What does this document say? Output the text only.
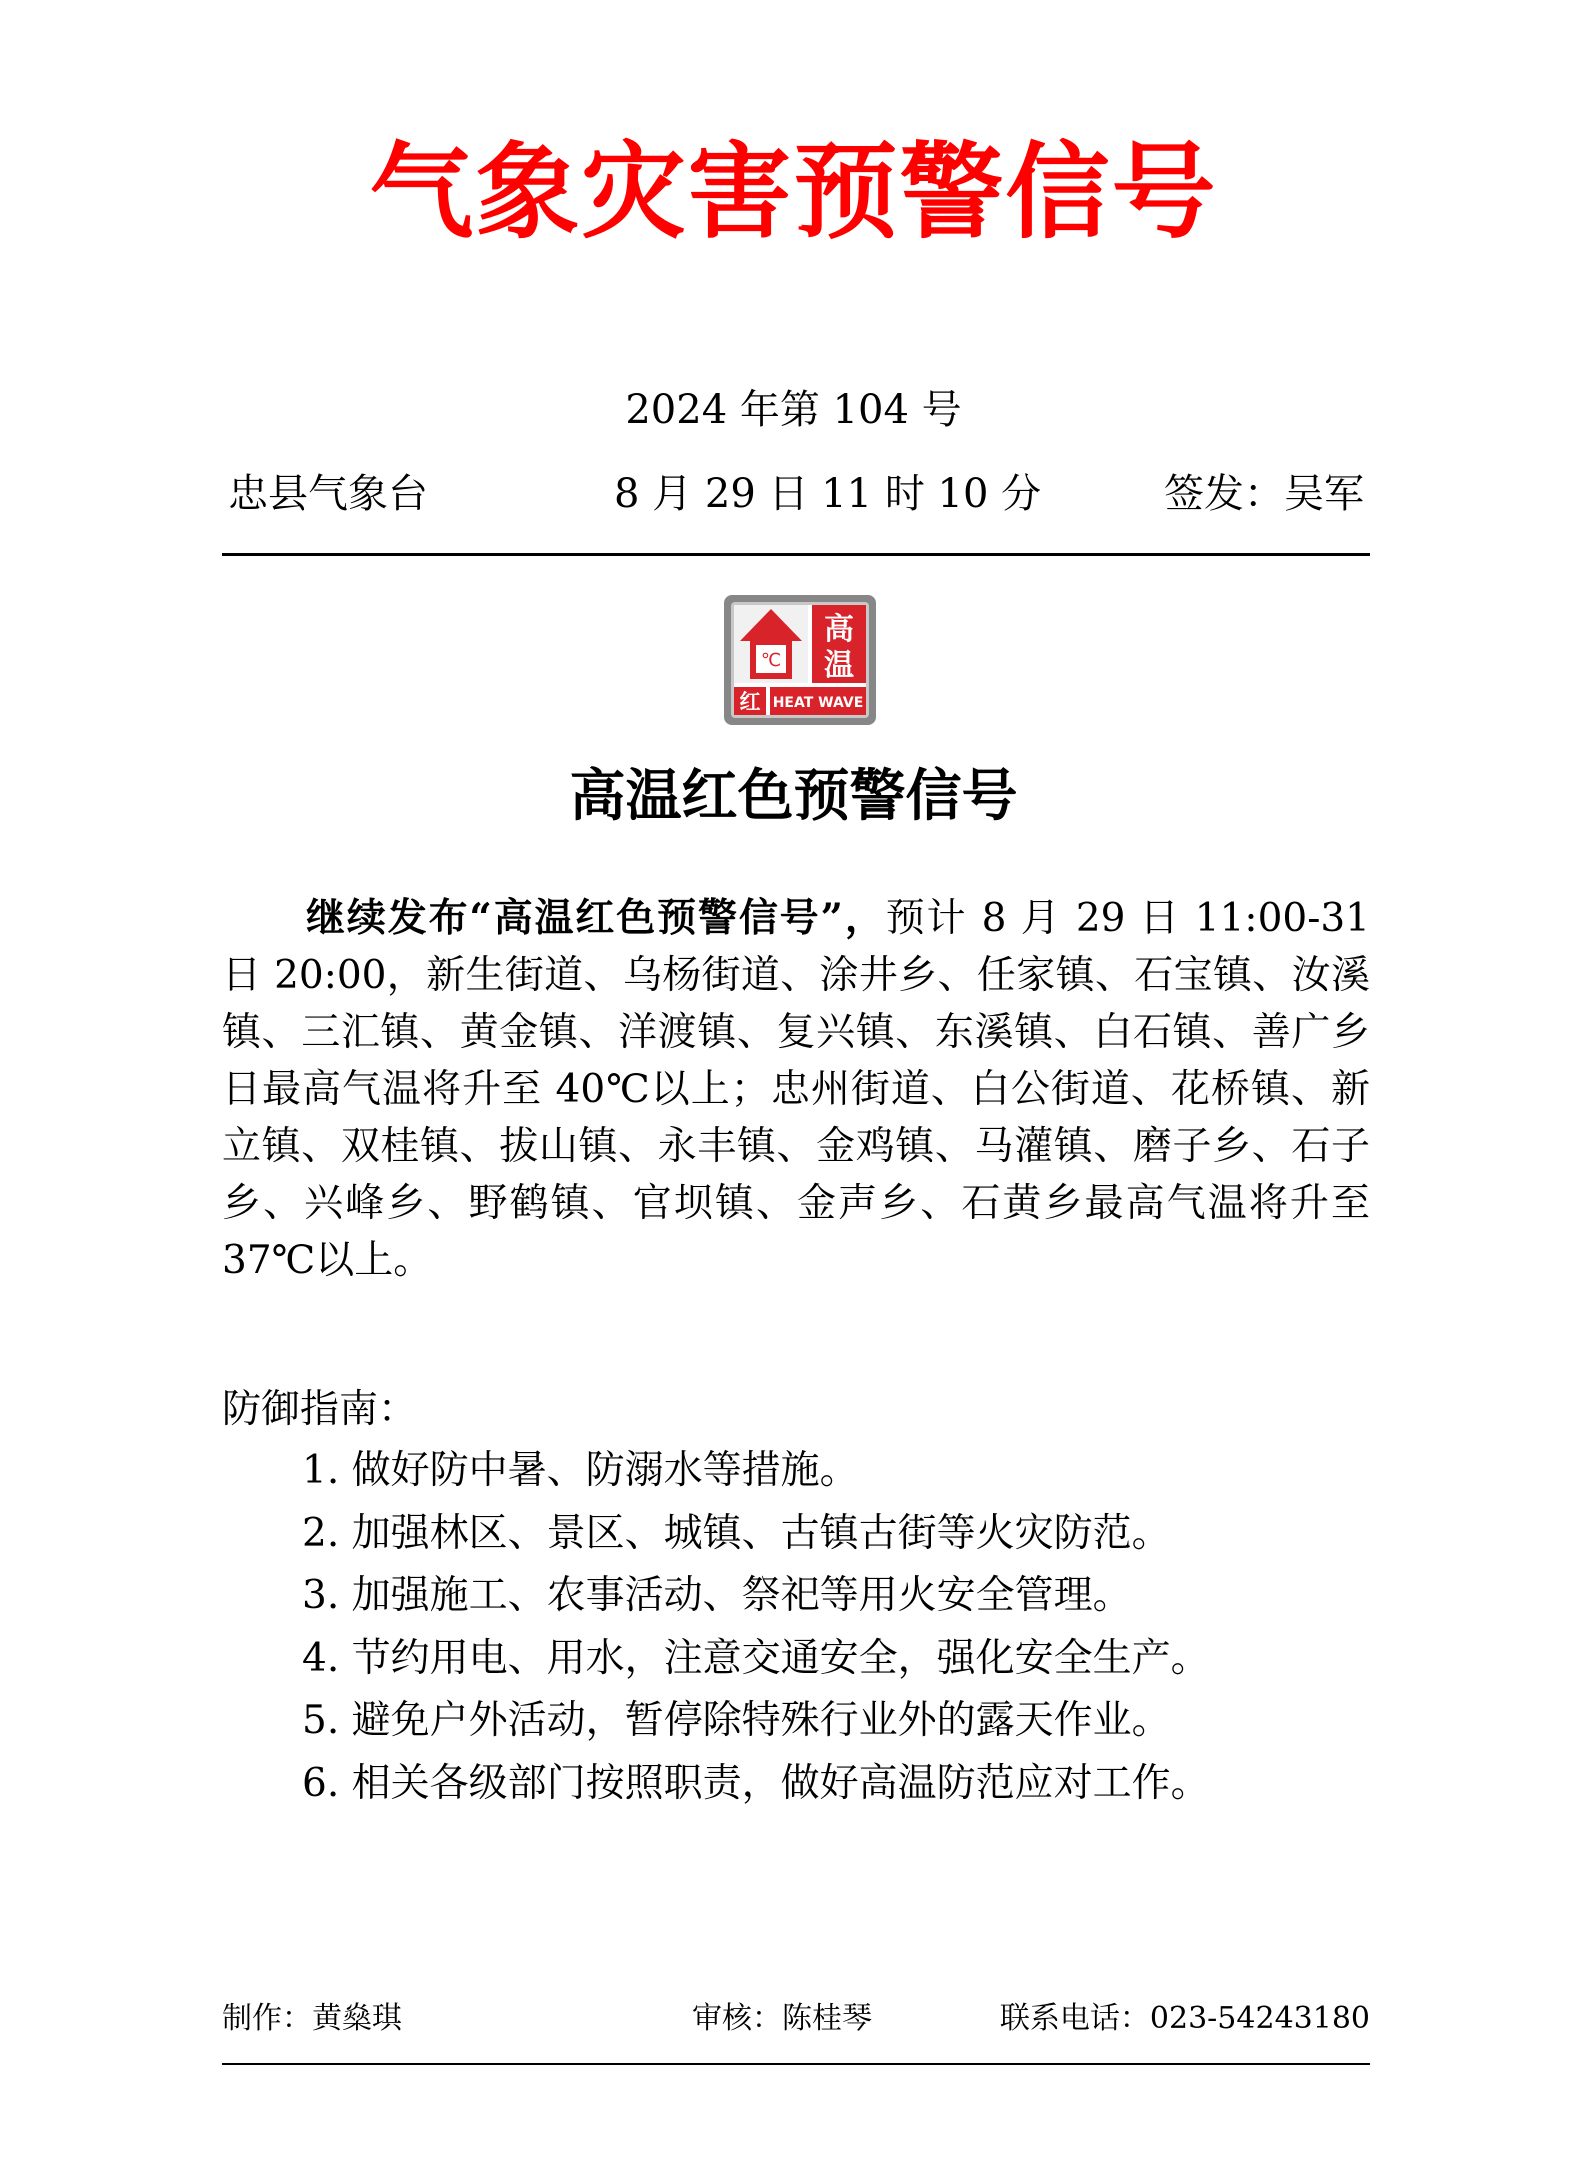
气象灾害预警信号
2024 年第 104 号
忠县气象台	8 月 29 日 11 时 10 分	签发：吴军
℃
高
温
红 HEAT WAVE
高温红色预警信号

继续发布“高温红色预警信号”，预计 8 月 29 日 11:00-31 日 20:00，新生街道、乌杨街道、涂井乡、任家镇、石宝镇、汝溪镇、三汇镇、黄金镇、洋渡镇、复兴镇、东溪镇、白石镇、善广乡日最高气温将升至 40℃以上；忠州街道、白公街道、花桥镇、新立镇、双桂镇、拔山镇、永丰镇、金鸡镇、马灌镇、磨子乡、石子乡、兴峰乡、野鹤镇、官坝镇、金声乡、石黄乡最高气温将升至 37℃以上。

防御指南：
1. 做好防中暑、防溺水等措施。
2. 加强林区、景区、城镇、古镇古街等火灾防范。
3. 加强施工、农事活动、祭祀等用火安全管理。
4. 节约用电、用水，注意交通安全，强化安全生产。
5. 避免户外活动，暂停除特殊行业外的露天作业。
6. 相关各级部门按照职责，做好高温防范应对工作。
制作：黄燊琪	审核：陈桂琴	联系电话：023-54243180
